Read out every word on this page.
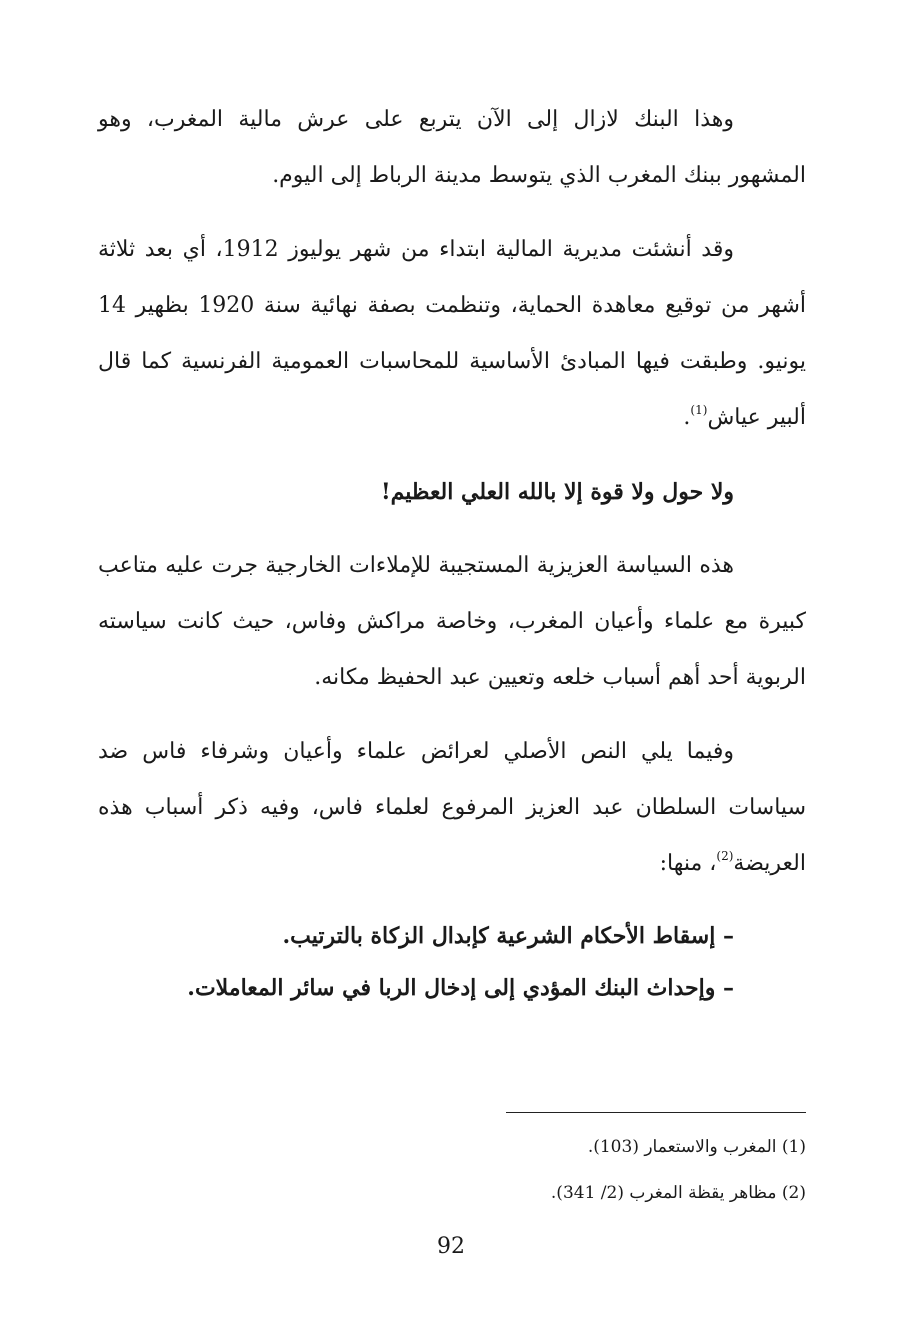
وهذا البنك لازال إلى الآن يتربع على عرش مالية المغرب، وهو المشهور ببنك المغرب الذي يتوسط مدينة الرباط إلى اليوم.

وقد أنشئت مديرية المالية ابتداء من شهر يوليوز 1912، أي بعد ثلاثة أشهر من توقيع معاهدة الحماية، وتنظمت بصفة نهائية سنة 1920 بظهير 14 يونيو. وطبقت فيها المبادئ الأساسية للمحاسبات العمومية الفرنسية كما قال ألبير عياش$^{(1)}$.

ولا حول ولا قوة إلا بالله العلي العظيم!

هذه السياسة العزيزية المستجيبة للإملاءات الخارجية جرت عليه متاعب كبيرة مع علماء وأعيان المغرب، وخاصة مراكش وفاس، حيث كانت سياسته الربوية أحد أهم أسباب خلعه وتعيين عبد الحفيظ مكانه.

وفيما يلي النص الأصلي لعرائض علماء وأعيان وشرفاء فاس ضد سياسات السلطان عبد العزيز المرفوع لعلماء فاس، وفيه ذكر أسباب هذه العريضة$^{(2)}$، منها:

– إسقاط الأحكام الشرعية كإبدال الزكاة بالترتيب.
– وإحداث البنك المؤدي إلى إدخال الربا في سائر المعاملات.

(1) المغرب والاستعمار (103).

(2) مظاهر يقظة المغرب (2/ 341).

92
